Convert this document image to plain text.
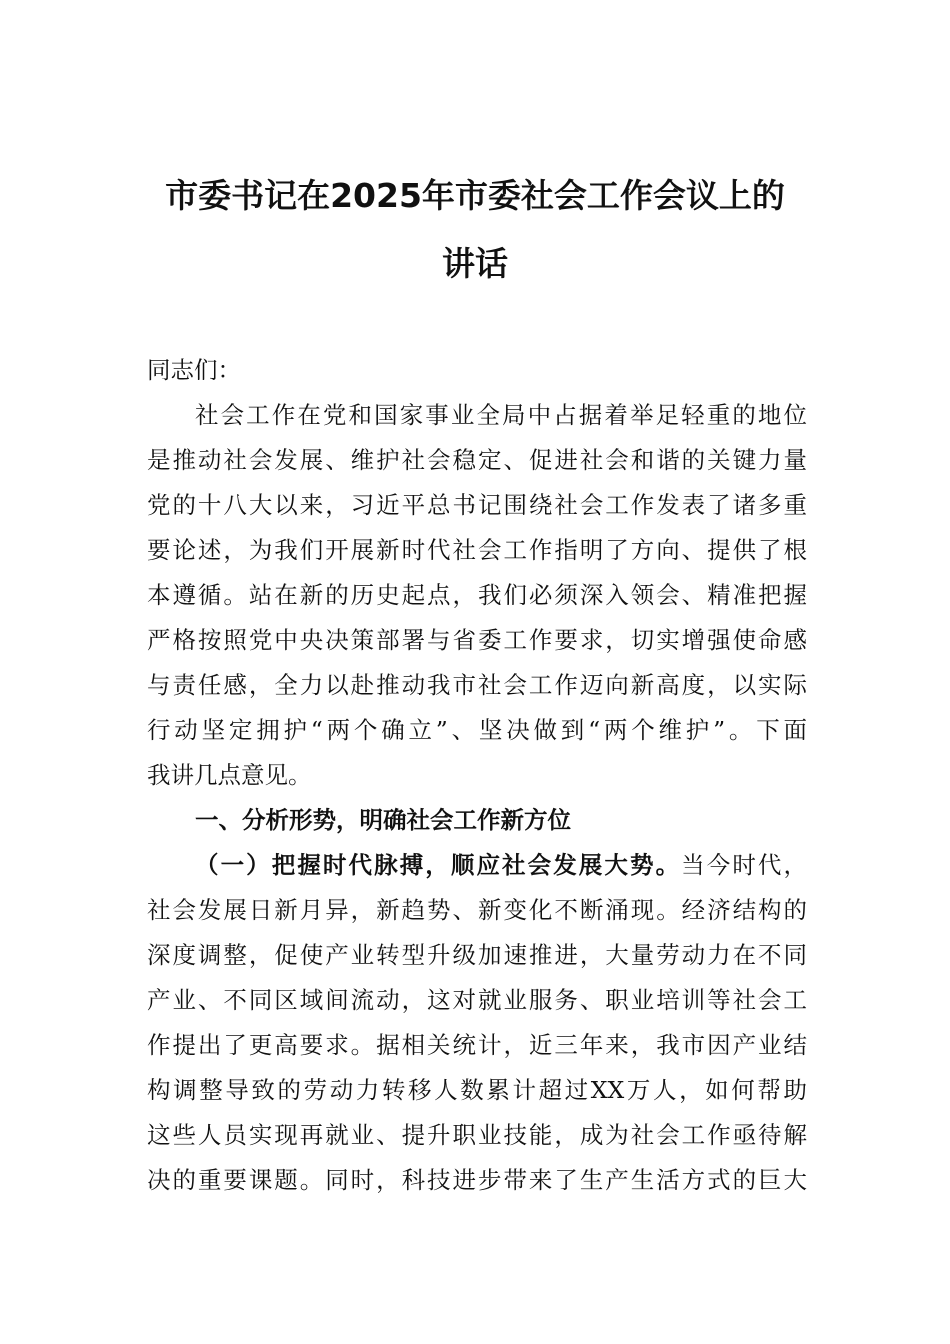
市委书记在2025年市委社会工作会议上的
讲话
同志们：
社会工作在党和国家事业全局中占据着举足轻重的地位
是推动社会发展、维护社会稳定、促进社会和谐的关键力量
党的十八大以来，习近平总书记围绕社会工作发表了诸多重
要论述，为我们开展新时代社会工作指明了方向、提供了根
本遵循。站在新的历史起点，我们必须深入领会、精准把握
严格按照党中央决策部署与省委工作要求，切实增强使命感
与责任感，全力以赴推动我市社会工作迈向新高度，以实际
行动坚定拥护“两个确立”、坚决做到“两个维护”。下面
我讲几点意见。
一、分析形势，明确社会工作新方位
（一）把握时代脉搏，顺应社会发展大势。当今时代，
社会发展日新月异，新趋势、新变化不断涌现。经济结构的
深度调整，促使产业转型升级加速推进，大量劳动力在不同
产业、不同区域间流动，这对就业服务、职业培训等社会工
作提出了更高要求。据相关统计，近三年来，我市因产业结
构调整导致的劳动力转移人数累计超过XX万人，如何帮助
这些人员实现再就业、提升职业技能，成为社会工作亟待解
决的重要课题。同时，科技进步带来了生产生活方式的巨大
